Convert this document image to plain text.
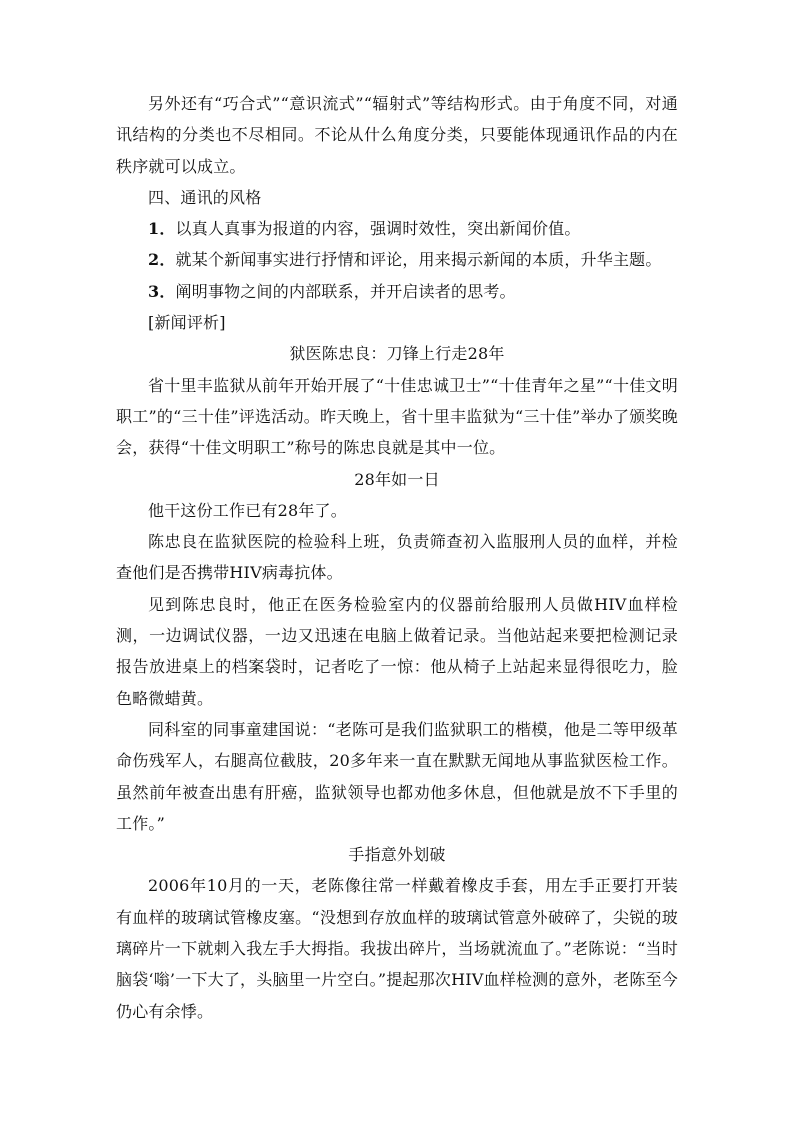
另外还有“巧合式”“意识流式”“辐射式”等结构形式。由于角度不同，对通讯结构的分类也不尽相同。不论从什么角度分类，只要能体现通讯作品的内在秩序就可以成立。

四、通讯的风格

1．以真人真事为报道的内容，强调时效性，突出新闻价值。

2．就某个新闻事实进行抒情和评论，用来揭示新闻的本质，升华主题。

3．阐明事物之间的内部联系，并开启读者的思考。

[新闻评析]

狱医陈忠良：刀锋上行走28年

省十里丰监狱从前年开始开展了“十佳忠诚卫士”“十佳青年之星”“十佳文明职工”的“三十佳”评选活动。昨天晚上，省十里丰监狱为“三十佳”举办了颁奖晚会，获得“十佳文明职工”称号的陈忠良就是其中一位。

28年如一日

他干这份工作已有28年了。

陈忠良在监狱医院的检验科上班，负责筛查初入监服刑人员的血样，并检查他们是否携带HIV病毒抗体。

见到陈忠良时，他正在医务检验室内的仪器前给服刑人员做HIV血样检测，一边调试仪器，一边又迅速在电脑上做着记录。当他站起来要把检测记录报告放进桌上的档案袋时，记者吃了一惊：他从椅子上站起来显得很吃力，脸色略微蜡黄。

同科室的同事童建国说：“老陈可是我们监狱职工的楷模，他是二等甲级革命伤残军人，右腿高位截肢，20多年来一直在默默无闻地从事监狱医检工作。虽然前年被查出患有肝癌，监狱领导也都劝他多休息，但他就是放不下手里的工作。”

手指意外划破

2006年10月的一天，老陈像往常一样戴着橡皮手套，用左手正要打开装有血样的玻璃试管橡皮塞。“没想到存放血样的玻璃试管意外破碎了，尖锐的玻璃碎片一下就刺入我左手大拇指。我拔出碎片，当场就流血了。”老陈说：“当时脑袋‘嗡’一下大了，头脑里一片空白。”提起那次HIV血样检测的意外，老陈至今仍心有余悸。
